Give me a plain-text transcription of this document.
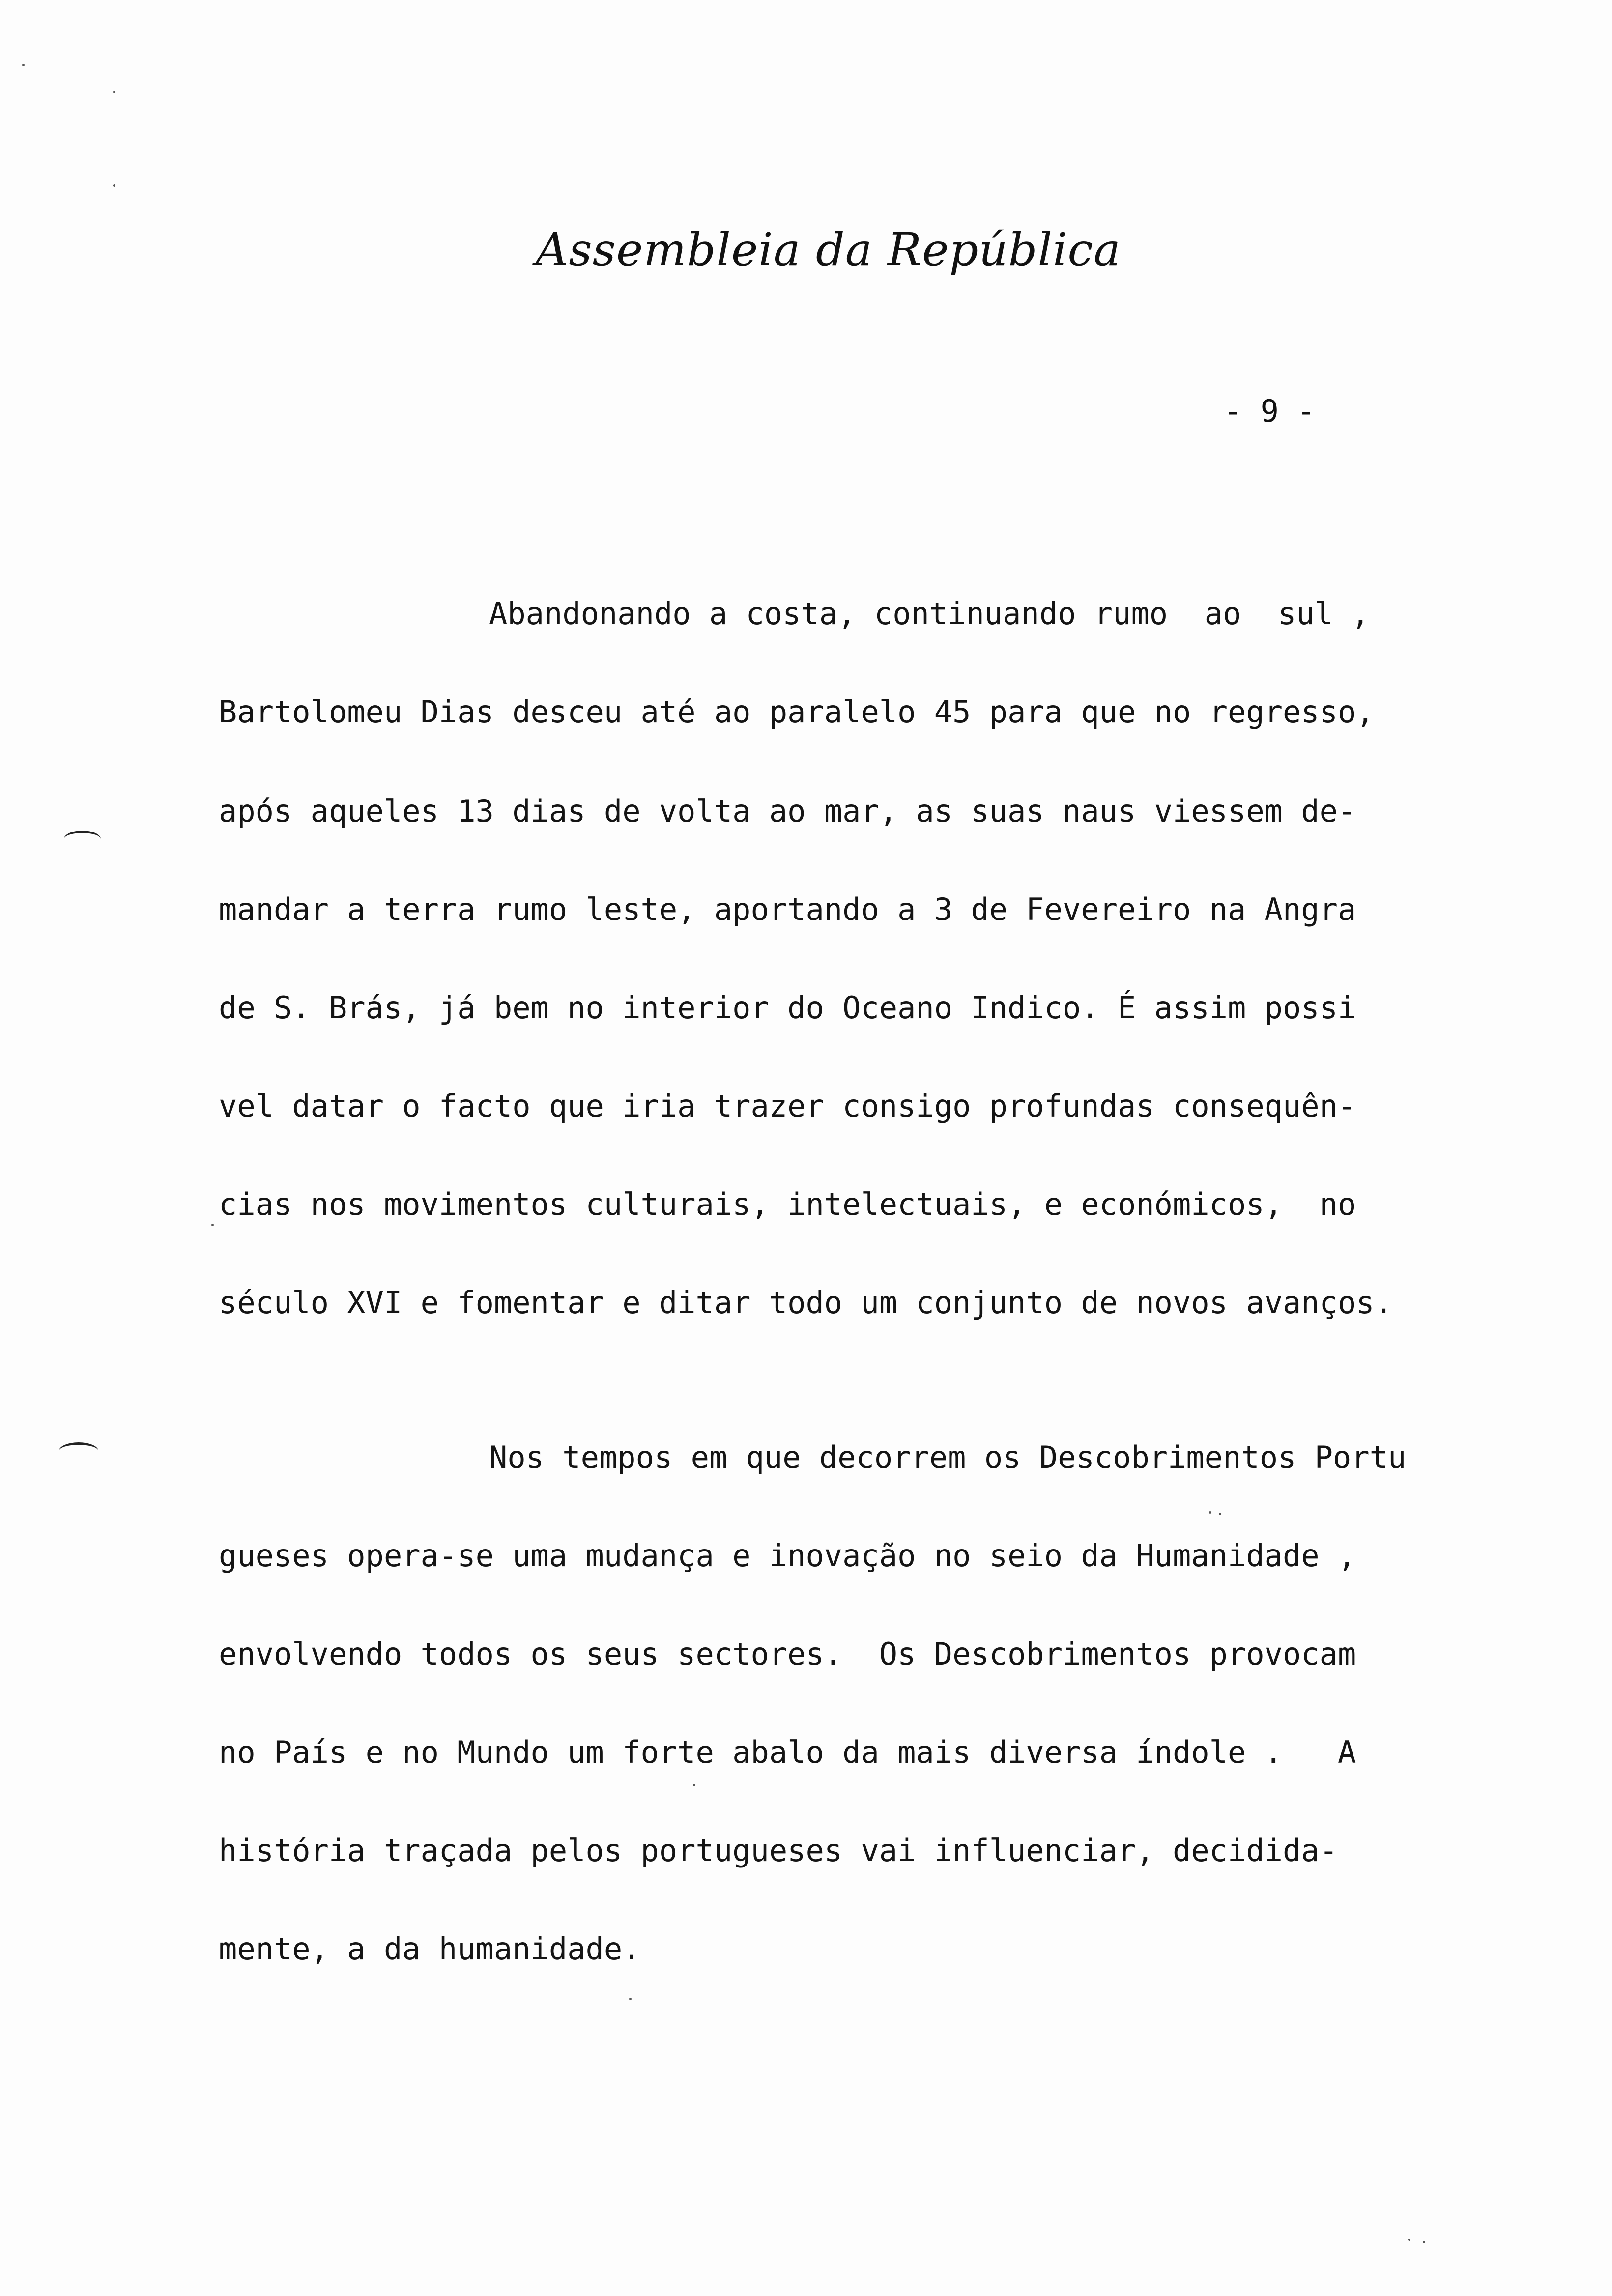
Assembleia da República
- 9 -
Abandonando a costa, continuando rumo  ao  sul ,
Bartolomeu Dias desceu até ao paralelo 45 para que no regresso,
após aqueles 13 dias de volta ao mar, as suas naus viessem de-
mandar a terra rumo leste, aportando a 3 de Fevereiro na Angra
de S. Brás, já bem no interior do Oceano Indico. É assim possi
vel datar o facto que iria trazer consigo profundas consequên-
cias nos movimentos culturais, intelectuais, e económicos,  no
século XVI e fomentar e ditar todo um conjunto de novos avanços.
Nos tempos em que decorrem os Descobrimentos Portu
gueses opera-se uma mudança e inovação no seio da Humanidade ,
envolvendo todos os seus sectores.  Os Descobrimentos provocam
no País e no Mundo um forte abalo da mais diversa índole .   A
história traçada pelos portugueses vai influenciar, decidida-
mente, a da humanidade.
